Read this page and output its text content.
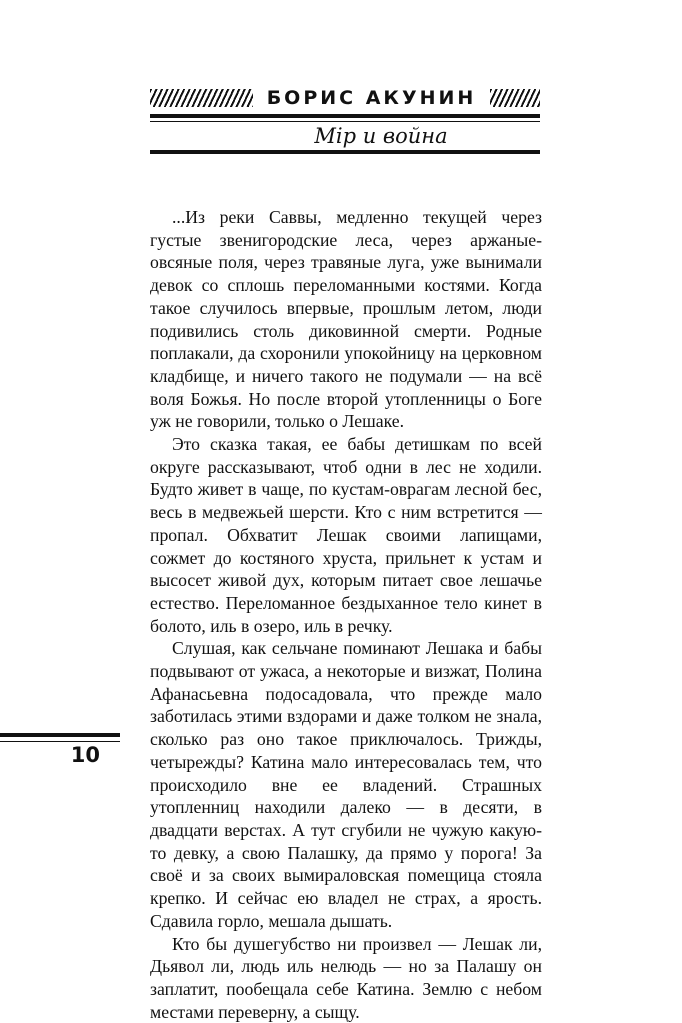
БОРИС АКУНИН
Мір и война

...Из реки Саввы, медленно текущей через густые звенигородские леса, через аржаные-овсяные поля, через травяные луга, уже вынимали девок со сплошь переломанными костями. Когда такое случилось впервые, прошлым летом, люди подивились столь диковинной смерти. Родные поплакали, да схоронили упокойницу на церковном кладбище, и ничего такого не подумали — на всё воля Божья. Но после второй утопленницы о Боге уж не говорили, только о Лешаке.

Это сказка такая, ее бабы детишкам по всей округе рассказывают, чтоб одни в лес не ходили. Будто живет в чаще, по кустам-оврагам лесной бес, весь в медвежьей шерсти. Кто с ним встретится — пропал. Обхватит Лешак своими лапищами, сожмет до костяного хруста, прильнет к устам и высосет живой дух, которым питает свое лешачье естество. Переломанное бездыханное тело кинет в болото, иль в озеро, иль в речку.

Слушая, как сельчане поминают Лешака и бабы подвывают от ужаса, а некоторые и визжат, Полина Афанасьевна подосадовала, что прежде мало заботилась этими вздорами и даже толком не знала, сколько раз оно такое приключалось. Трижды, четырежды? Катина мало интересовалась тем, что происходило вне ее владений. Страшных утопленниц находили далеко — в десяти, в двадцати верстах. А тут сгубили не чужую какую-то девку, а свою Палашку, да прямо у порога! За своё и за своих вымираловская помещица стояла крепко. И сейчас ею владел не страх, а ярость. Сдавила горло, мешала дышать.

Кто бы душегубство ни произвел — Лешак ли, Дьявол ли, людь иль нелюдь — но за Палашу он заплатит, пообещала себе Катина. Землю с небом местами переверну, а сыщу.

10
